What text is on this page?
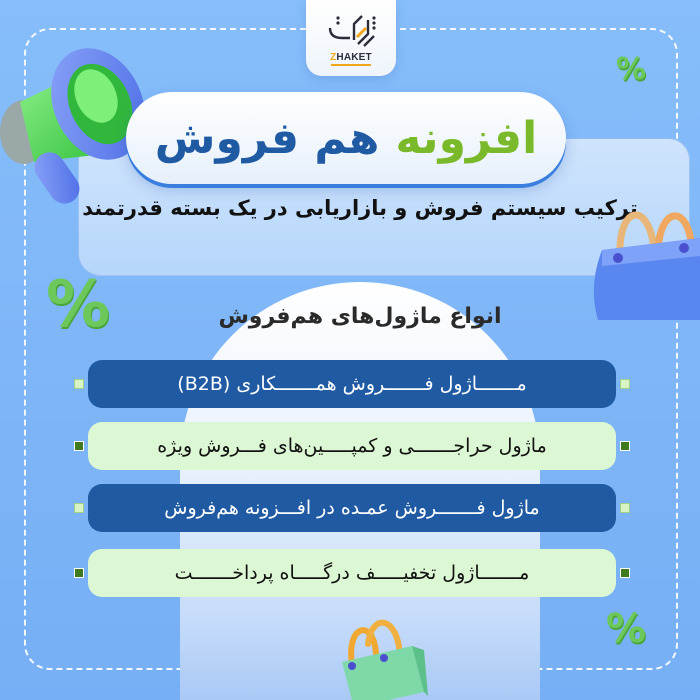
ZHAKET
افزونه
هم فروش
ترکیب سیستم فروش و بازاریابی در یک بسته قدرتمند
%
%
%
انواع ماژول‌های هم‌فروش
مـــــــاژول فـــــــروش همـــــــکاری (B2B)
ماژول حراجـــــــی و کمپـــــین‌های فـــروش ویژه
ماژول فـــــــروش عمـده در افـــزونه هم‌فروش
مـــــــاژول تخفیـــــف درگـــــاه پرداخـــــــت
